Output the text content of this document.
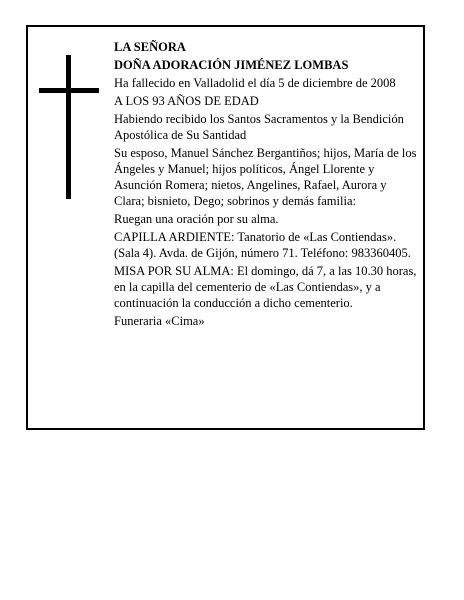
LA SEÑORA

DOÑA ADORACIÓN JIMÉNEZ LOMBAS

Ha fallecido en Valladolid el día 5 de diciembre de 2008

A LOS 93 AÑOS DE EDAD

Habiendo recibido los Santos Sacramentos y la Bendición Apostólica de Su Santidad

Su esposo, Manuel Sánchez Bergantiños; hijos, María de los Ángeles y Manuel; hijos políticos, Ángel Llorente y Asunción Romera; nietos, Angelines, Rafael, Aurora y Clara; bisnieto, Dego; sobrinos y demás familia:

Ruegan una oración por su alma.

CAPILLA ARDIENTE: Tanatorio de «Las Contiendas». (Sala 4). Avda. de Gijón, número 71. Teléfono: 983360405.

MISA POR SU ALMA: El domingo, dá 7, a las 10.30 horas, en la capilla del cementerio de «Las Contiendas», y a continuación la conducción a dicho cementerio.

Funeraria «Cima»
